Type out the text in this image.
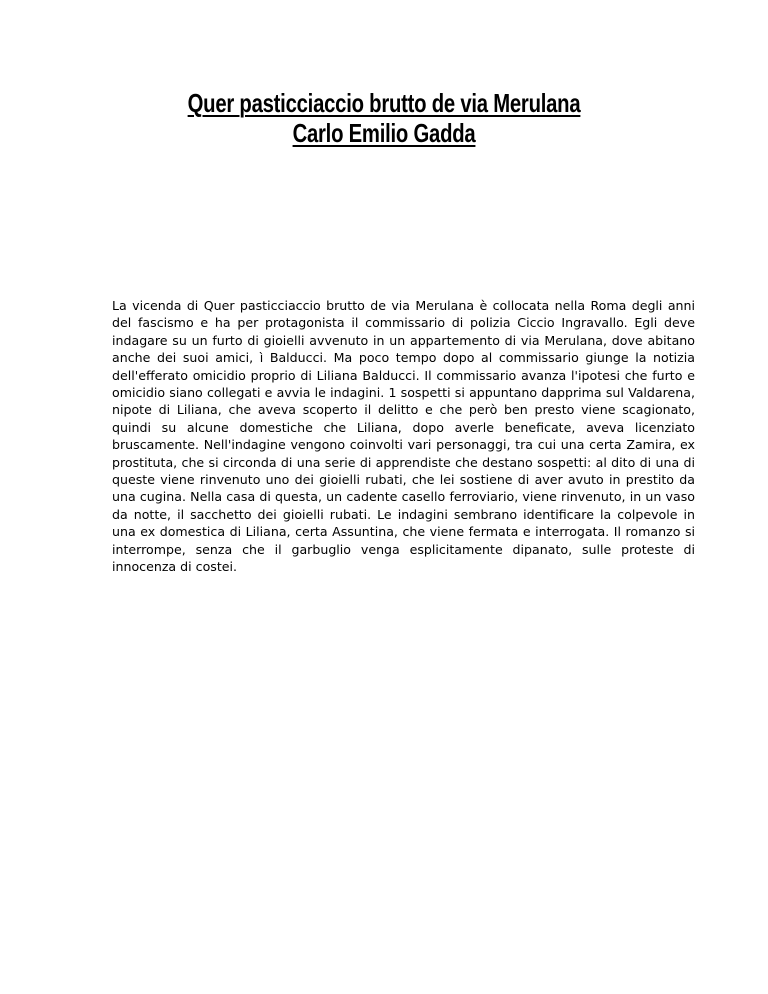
Quer pasticciaccio brutto de via Merulana
Carlo Emilio Gadda

La vicenda di Quer pasticciaccio brutto de via Merulana è collocata nella Roma degli anni del fascismo e ha per protagonista il commissario di polizia Ciccio Ingravallo. Egli deve indagare su un furto di gioielli avvenuto in un appartemento di via Merulana, dove abitano anche dei suoi amici, ì Balducci. Ma poco tempo dopo al commissario giunge la notizia dell'efferato omicidio proprio di Liliana Balducci. Il commissario avanza l'ipotesi che furto e omicidio siano collegati e avvia le indagini. 1 sospetti si appuntano dapprima sul Valdarena, nipote di Liliana, che aveva scoperto il delitto e che però ben presto viene scagionato, quindi su alcune domestiche che Liliana, dopo averle beneficate, aveva licenziato bruscamente. Nell'indagine vengono coinvolti vari personaggi, tra cui una certa Zamira, ex prostituta, che si circonda di una serie di apprendiste che destano sospetti: al dito di una di queste viene rinvenuto uno dei gioielli rubati, che lei sostiene di aver avuto in prestito da una cugina. Nella casa di questa, un cadente casello ferroviario, viene rinvenuto, in un vaso da notte, il sacchetto dei gioielli rubati. Le indagini sembrano identificare la colpevole in una ex domestica di Liliana, certa Assuntina, che viene fermata e interrogata. Il romanzo si interrompe, senza che il garbuglio venga esplicitamente dipanato, sulle proteste di innocenza di costei.
